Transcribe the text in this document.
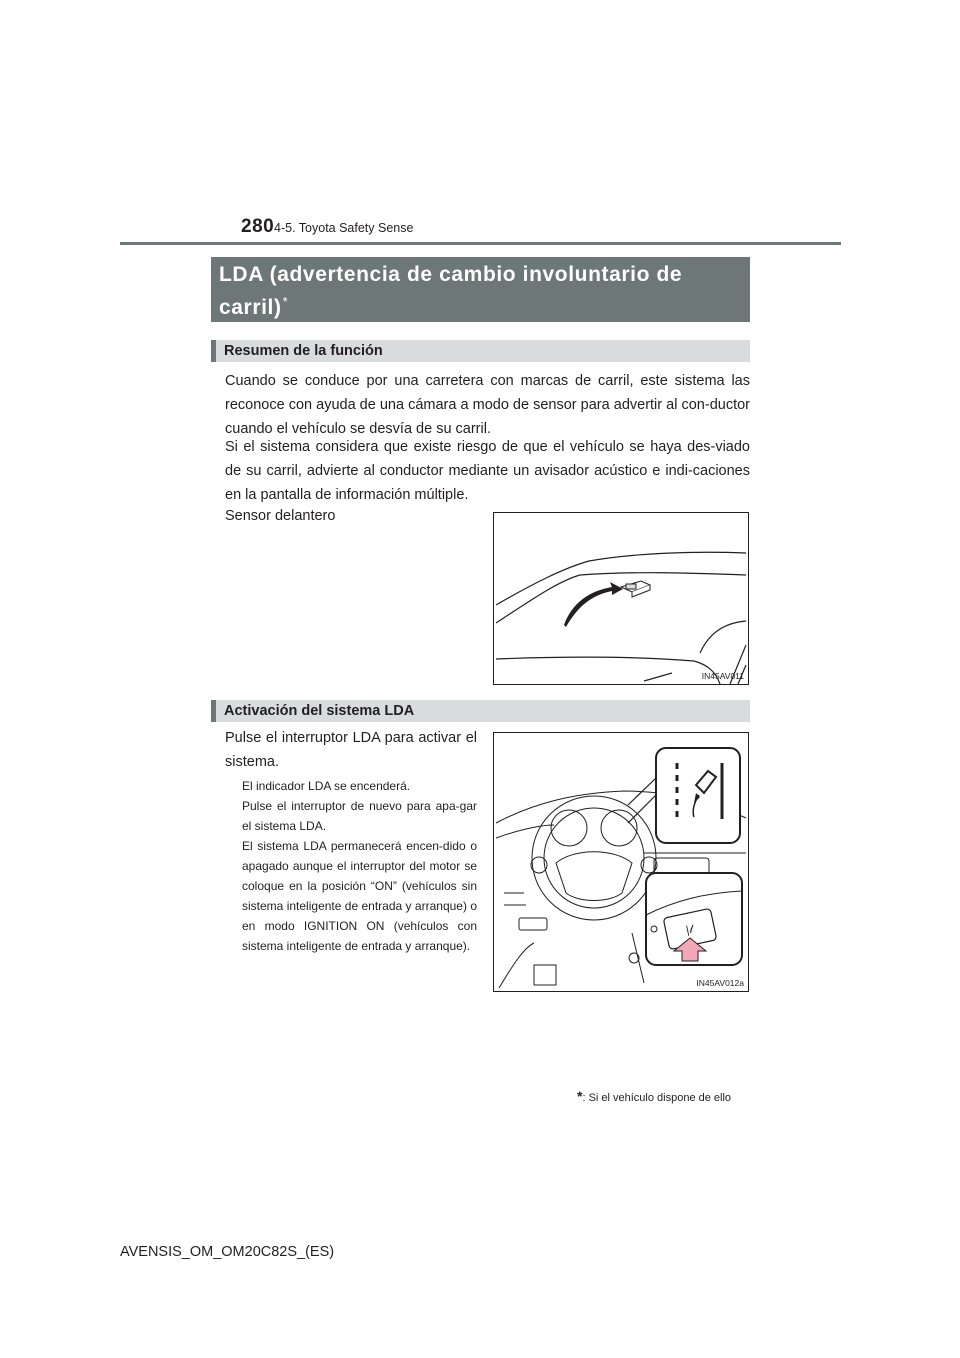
280 4-5. Toyota Safety Sense
LDA (advertencia de cambio involuntario de carril)*
Resumen de la función
Cuando se conduce por una carretera con marcas de carril, este sistema las reconoce con ayuda de una cámara a modo de sensor para advertir al con-ductor cuando el vehículo se desvía de su carril.
Si el sistema considera que existe riesgo de que el vehículo se haya des-viado de su carril, advierte al conductor mediante un avisador acústico e indi-caciones en la pantalla de información múltiple.
Sensor delantero
IN45AV011
Activación del sistema LDA
Pulse el interruptor LDA para activar el sistema.
El indicador LDA se encenderá.
Pulse el interruptor de nuevo para apa-gar el sistema LDA.
El sistema LDA permanecerá encen-dido o apagado aunque el interruptor del motor se coloque en la posición “ON” (vehículos sin sistema inteligente de entrada y arranque) o en modo IGNITION ON (vehículos con sistema inteligente de entrada y arranque).
|𝓁
IN45AV012a
*: Si el vehículo dispone de ello
AVENSIS_OM_OM20C82S_(ES)
